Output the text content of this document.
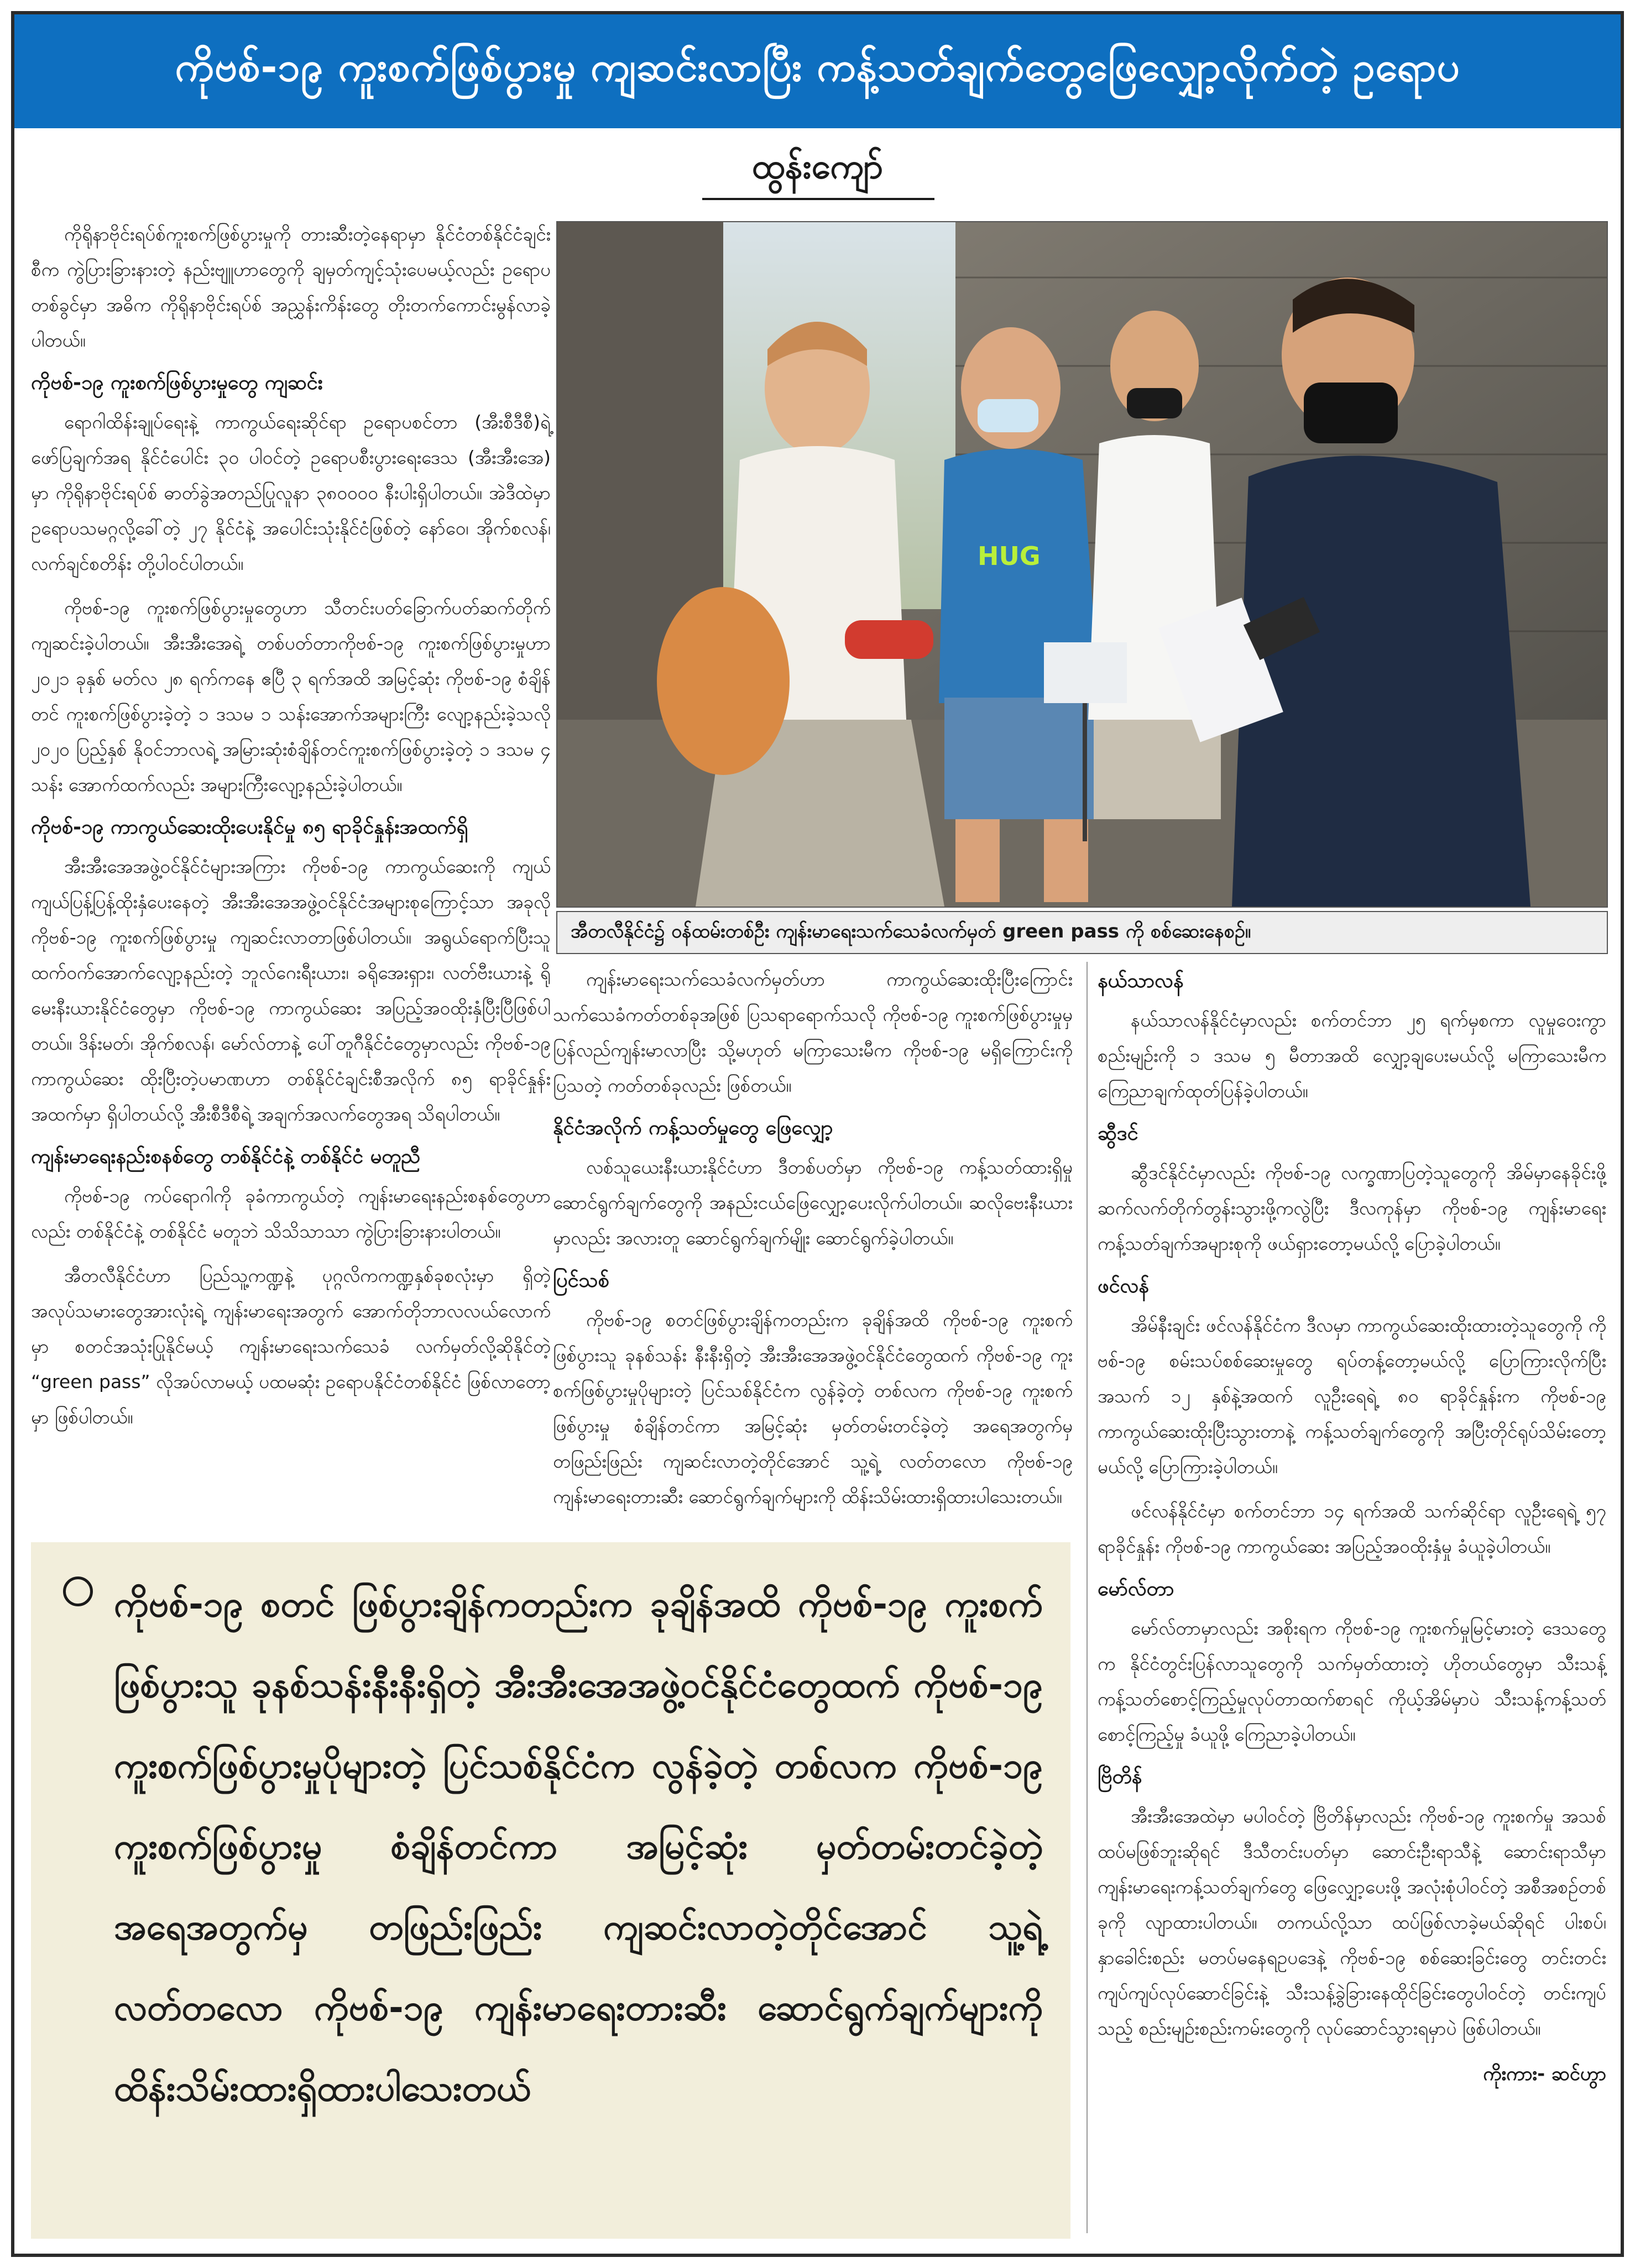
ကိုဗစ်-၁၉ ကူးစက်ဖြစ်ပွားမှု ကျဆင်းလာပြီး ကန့်သတ်ချက်တွေဖြေလျှော့လိုက်တဲ့ ဥရောပ
ထွန်းကျော်

ကိုရိုနာဗိုင်းရပ်စ်ကူးစက်ဖြစ်ပွားမှုကို တားဆီးတဲ့နေရာမှာ နိုင်ငံတစ်နိုင်ငံချင်းစီက ကွဲပြားခြားနားတဲ့ နည်းဗျူဟာတွေကို ချမှတ်ကျင့်သုံးပေမယ့်လည်း ဥရောပတစ်ခွင်မှာ အဓိက ကိုရိုနာဗိုင်းရပ်စ် အညွှန်းကိန်းတွေ တိုးတက်ကောင်းမွန်လာခဲ့ပါတယ်။

ကိုဗစ်-၁၉ ကူးစက်ဖြစ်ပွားမှုတွေ ကျဆင်း

ရောဂါထိန်းချုပ်ရေးနဲ့ ကာကွယ်ရေးဆိုင်ရာ ဥရောပစင်တာ (အီးစီဒီစီ)ရဲ့ ဖော်ပြချက်အရ နိုင်ငံပေါင်း ၃၀ ပါဝင်တဲ့ ဥရောပစီးပွားရေးဒေသ (အီးအီးအေ) မှာ ကိုရိုနာဗိုင်းရပ်စ် ဓာတ်ခွဲအတည်ပြုလူနာ ၃၈၀၀၀၀ နီးပါးရှိပါတယ်။ အဲဒီထဲမှာ ဥရောပသမဂ္ဂလို့ခေါ်တဲ့ ၂၇ နိုင်ငံနဲ့ အပေါင်းသုံးနိုင်ငံဖြစ်တဲ့ နော်ဝေ၊ အိုက်စလန်၊ လက်ချင်စတိန်း တို့ပါဝင်ပါတယ်။

ကိုဗစ်-၁၉ ကူးစက်ဖြစ်ပွားမှုတွေဟာ သီတင်းပတ်ခြောက်ပတ်ဆက်တိုက် ကျဆင်းခဲ့ပါတယ်။ အီးအီးအေရဲ့ တစ်ပတ်တာကိုဗစ်-၁၉ ကူးစက်ဖြစ်ပွားမှုဟာ ၂၀၂၁ ခုနှစ် မတ်လ ၂၈ ရက်ကနေ ဧပြီ ၃ ရက်အထိ အမြင့်ဆုံး ကိုဗစ်-၁၉ စံချိန်တင် ကူးစက်ဖြစ်ပွားခဲ့တဲ့ ၁ ဒသမ ၁ သန်းအောက်အများကြီး လျော့နည်းခဲ့သလို ၂၀၂၀ ပြည့်နှစ် နိုဝင်ဘာလရဲ့ အမြားဆုံးစံချိန်တင်ကူးစက်ဖြစ်ပွားခဲ့တဲ့ ၁ ဒသမ ၄ သန်း အောက်ထက်လည်း အများကြီးလျော့နည်းခဲ့ပါတယ်။

ကိုဗစ်-၁၉ ကာကွယ်ဆေးထိုးပေးနိုင်မှု ၈၅ ရာခိုင်နှုန်းအထက်ရှိ

အီးအီးအေအဖွဲ့ဝင်နိုင်ငံများအကြား ကိုဗစ်-၁၉ ကာကွယ်ဆေးကို ကျယ်ကျယ်ပြန့်ပြန့်ထိုးနှံပေးနေတဲ့ အီးအီးအေအဖွဲ့ဝင်နိုင်ငံအများစုကြောင့်သာ အခုလို ကိုဗစ်-၁၉ ကူးစက်ဖြစ်ပွားမှု ကျဆင်းလာတာဖြစ်ပါတယ်။ အရွယ်ရောက်ပြီးသူ ထက်ဝက်အောက်လျော့နည်းတဲ့ ဘူလ်ဂေးရီးယား၊ ခရိုအေးရှား၊ လတ်ဗီးယားနဲ့ ရိုမေးနီးယားနိုင်ငံတွေမှာ ကိုဗစ်-၁၉ ကာကွယ်ဆေး အပြည့်အဝထိုးနှံပြီးပြီဖြစ်ပါတယ်။ ဒိန်းမတ်၊ အိုက်စလန်၊ မော်လ်တာနဲ့ ပေါ်တူဂီနိုင်ငံတွေမှာလည်း ကိုဗစ်-၁၉ ကာကွယ်ဆေး ထိုးပြီးတဲ့ပမာဏဟာ တစ်နိုင်ငံချင်းစီအလိုက် ၈၅ ရာခိုင်နှုန်းအထက်မှာ ရှိပါတယ်လို့ အီးစီဒီစီရဲ့ အချက်အလက်တွေအရ သိရပါတယ်။

ကျန်းမာရေးနည်းစနစ်တွေ တစ်နိုင်ငံနဲ့ တစ်နိုင်ငံ မတူညီ

ကိုဗစ်-၁၉ ကပ်ရောဂါကို ခုခံကာကွယ်တဲ့ ကျန်းမာရေးနည်းစနစ်တွေဟာလည်း တစ်နိုင်ငံနဲ့ တစ်နိုင်ငံ မတူဘဲ သိသိသာသာ ကွဲပြားခြားနားပါတယ်။

အီတလီနိုင်ငံဟာ ပြည်သူ့ကဏ္ဍနဲ့ ပုဂ္ဂလိကကဏ္ဍနှစ်ခုစလုံးမှာ ရှိတဲ့ အလုပ်သမားတွေအားလုံးရဲ့ ကျန်းမာရေးအတွက် အောက်တိုဘာလလယ်လောက်မှာ စတင်အသုံးပြုနိုင်မယ့် ကျန်းမာရေးသက်သေခံ လက်မှတ်လို့ဆိုနိုင်တဲ့ “green pass” လိုအပ်လာမယ့် ပထမဆုံး ဥရောပနိုင်ငံတစ်နိုင်ငံ ဖြစ်လာတော့မှာ ဖြစ်ပါတယ်။

HUG
အီတလီနိုင်ငံ၌ ဝန်ထမ်းတစ်ဦး ကျန်းမာရေးသက်သေခံလက်မှတ် green pass ကို စစ်ဆေးနေစဉ်။

ကျန်းမာရေးသက်သေခံလက်မှတ်ဟာ ကာကွယ်ဆေးထိုးပြီးကြောင်း သက်သေခံကတ်တစ်ခုအဖြစ် ပြသရာရောက်သလို ကိုဗစ်-၁၉ ကူးစက်ဖြစ်ပွားမှုမှ ပြန်လည်ကျန်းမာလာပြီး သို့မဟုတ် မကြာသေးမီက ကိုဗစ်-၁၉ မရှိကြောင်းကို ပြသတဲ့ ကတ်တစ်ခုလည်း ဖြစ်တယ်။

နိုင်ငံအလိုက် ကန့်သတ်မှုတွေ ဖြေလျှော့

လစ်သူယေးနီးယားနိုင်ငံဟာ ဒီတစ်ပတ်မှာ ကိုဗစ်-၁၉ ကန့်သတ်ထားရှိမှု ဆောင်ရွက်ချက်တွေကို အနည်းငယ်ဖြေလျှော့ပေးလိုက်ပါတယ်။ ဆလိုဗေးနီးယားမှာလည်း အလားတူ ဆောင်ရွက်ချက်မျိုး ဆောင်ရွက်ခဲ့ပါတယ်။

ပြင်သစ်

ကိုဗစ်-၁၉ စတင်ဖြစ်ပွားချိန်ကတည်းက ခုချိန်အထိ ကိုဗစ်-၁၉ ကူးစက်ဖြစ်ပွားသူ ခုနစ်သန်း နီးနီးရှိတဲ့ အီးအီးအေအဖွဲ့ဝင်နိုင်ငံတွေထက် ကိုဗစ်-၁၉ ကူးစက်ဖြစ်ပွားမှုပိုများတဲ့ ပြင်သစ်နိုင်ငံက လွန်ခဲ့တဲ့ တစ်လက ကိုဗစ်-၁၉ ကူးစက်ဖြစ်ပွားမှု စံချိန်တင်ကာ အမြင့်ဆုံး မှတ်တမ်းတင်ခဲ့တဲ့ အရေအတွက်မှ တဖြည်းဖြည်း ကျဆင်းလာတဲ့တိုင်အောင် သူ့ရဲ့ လတ်တလော ကိုဗစ်-၁၉ ကျန်းမာရေးတားဆီး ဆောင်ရွက်ချက်များကို ထိန်းသိမ်းထားရှိထားပါသေးတယ်။

နယ်သာလန်

နယ်သာလန်နိုင်ငံမှာလည်း စက်တင်ဘာ ၂၅ ရက်မှစကာ လူမှုဝေးကွာစည်းမျဉ်းကို ၁ ဒသမ ၅ မီတာအထိ လျှော့ချပေးမယ်လို့ မကြာသေးမီက ကြေညာချက်ထုတ်ပြန်ခဲ့ပါတယ်။

ဆွီဒင်

ဆွီဒင်နိုင်ငံမှာလည်း ကိုဗစ်-၁၉ လက္ခဏာပြတဲ့သူတွေကို အိမ်မှာနေခိုင်းဖို့ ဆက်လက်တိုက်တွန်းသွားဖို့ကလွဲပြီး ဒီလကုန်မှာ ကိုဗစ်-၁၉ ကျန်းမာရေး ကန့်သတ်ချက်အများစုကို ဖယ်ရှားတော့မယ်လို့ ပြောခဲ့ပါတယ်။

ဖင်လန်

အိမ်နီးချင်း ဖင်လန်နိုင်ငံက ဒီလမှာ ကာကွယ်ဆေးထိုးထားတဲ့သူတွေကို ကိုဗစ်-၁၉ စမ်းသပ်စစ်ဆေးမှုတွေ ရပ်တန့်တော့မယ်လို့ ပြောကြားလိုက်ပြီး အသက် ၁၂ နှစ်နဲ့အထက် လူဦးရေရဲ့ ၈၀ ရာခိုင်နှုန်းက ကိုဗစ်-၁၉ ကာကွယ်ဆေးထိုးပြီးသွားတာနဲ့ ကန့်သတ်ချက်တွေကို အပြီးတိုင်ရုပ်သိမ်းတော့မယ်လို့ ပြောကြားခဲ့ပါတယ်။

ဖင်လန်နိုင်ငံမှာ စက်တင်ဘာ ၁၄ ရက်အထိ သက်ဆိုင်ရာ လူဦးရေရဲ့ ၅၇ ရာခိုင်နှုန်း ကိုဗစ်-၁၉ ကာကွယ်ဆေး အပြည့်အဝထိုးနှံမှု ခံယူခဲ့ပါတယ်။

မော်လ်တာ

မော်လ်တာမှာလည်း အစိုးရက ကိုဗစ်-၁၉ ကူးစက်မှုမြင့်မားတဲ့ ဒေသတွေက နိုင်ငံတွင်းပြန်လာသူတွေကို သက်မှတ်ထားတဲ့ ဟိုတယ်တွေမှာ သီးသန့်ကန့်သတ်စောင့်ကြည့်မှုလုပ်တာထက်စာရင် ကိုယ့်အိမ်မှာပဲ သီးသန့်ကန့်သတ်စောင့်ကြည့်မှု ခံယူဖို့ ကြေညာခဲ့ပါတယ်။

ဗြိတိန်

အီးအီးအေထဲမှာ မပါဝင်တဲ့ ဗြိတိန်မှာလည်း ကိုဗစ်-၁၉ ကူးစက်မှု အသစ်ထပ်မဖြစ်ဘူးဆိုရင် ဒီသီတင်းပတ်မှာ ဆောင်းဦးရာသီနဲ့ ဆောင်းရာသီမှာ ကျန်းမာရေးကန့်သတ်ချက်တွေ ဖြေလျှော့ပေးဖို့ အလုံးစုံပါဝင်တဲ့ အစီအစဉ်တစ်ခုကို လျာထားပါတယ်။ တကယ်လို့သာ ထပ်ဖြစ်လာခဲ့မယ်ဆိုရင် ပါးစပ်၊ နှာခေါင်းစည်း မတပ်မနေရဥပဒေနဲ့ ကိုဗစ်-၁၉ စစ်ဆေးခြင်းတွေ တင်းတင်းကျပ်ကျပ်လုပ်ဆောင်ခြင်းနဲ့ သီးသန့်ခွဲခြားနေထိုင်ခြင်းတွေပါဝင်တဲ့ တင်းကျပ်သည့် စည်းမျဉ်းစည်းကမ်းတွေကို လုပ်ဆောင်သွားရမှာပဲ ဖြစ်ပါတယ်။

ကိုးကား- ဆင်ဟွာ

ကိုဗစ်-၁၉ စတင် ဖြစ်ပွားချိန်ကတည်းက ခုချိန်အထိ ကိုဗစ်-၁၉ ကူးစက်ဖြစ်ပွားသူ ခုနစ်သန်းနီးနီးရှိတဲ့ အီးအီးအေအဖွဲ့ဝင်နိုင်ငံတွေထက် ကိုဗစ်-၁၉ ကူးစက်ဖြစ်ပွားမှုပိုများတဲ့ ပြင်သစ်နိုင်ငံက လွန်ခဲ့တဲ့ တစ်လက ကိုဗစ်-၁၉ ကူးစက်ဖြစ်ပွားမှု စံချိန်တင်ကာ အမြင့်ဆုံး မှတ်တမ်းတင်ခဲ့တဲ့ အရေအတွက်မှ တဖြည်းဖြည်း ကျဆင်းလာတဲ့တိုင်အောင် သူ့ရဲ့ လတ်တလော ကိုဗစ်-၁၉ ကျန်းမာရေးတားဆီး ဆောင်ရွက်ချက်များကို ထိန်းသိမ်းထားရှိထားပါသေးတယ်
